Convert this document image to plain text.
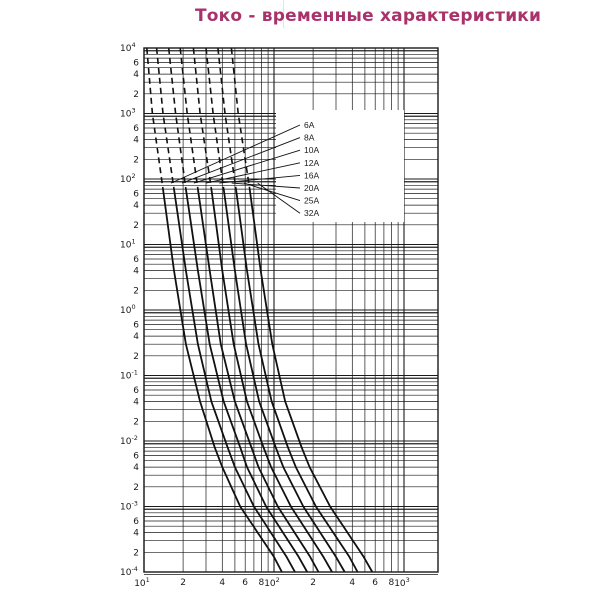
Токо - временные характеристики
6A
8A
10A
12A
16A
20A
25A
32A
$10^4$
6
4
2
$10^3$
6
4
2
$10^2$
6
4
2
$10^1$
6
4
2
$10^0$
6
4
2
$10^{-1}$
6
4
2
$10^{-2}$
6
4
2
$10^{-3}$
6
4
2
$10^{-4}$
$10^1$	2	4 6 8 $10^2$	2	4 6 8 $10^3$
